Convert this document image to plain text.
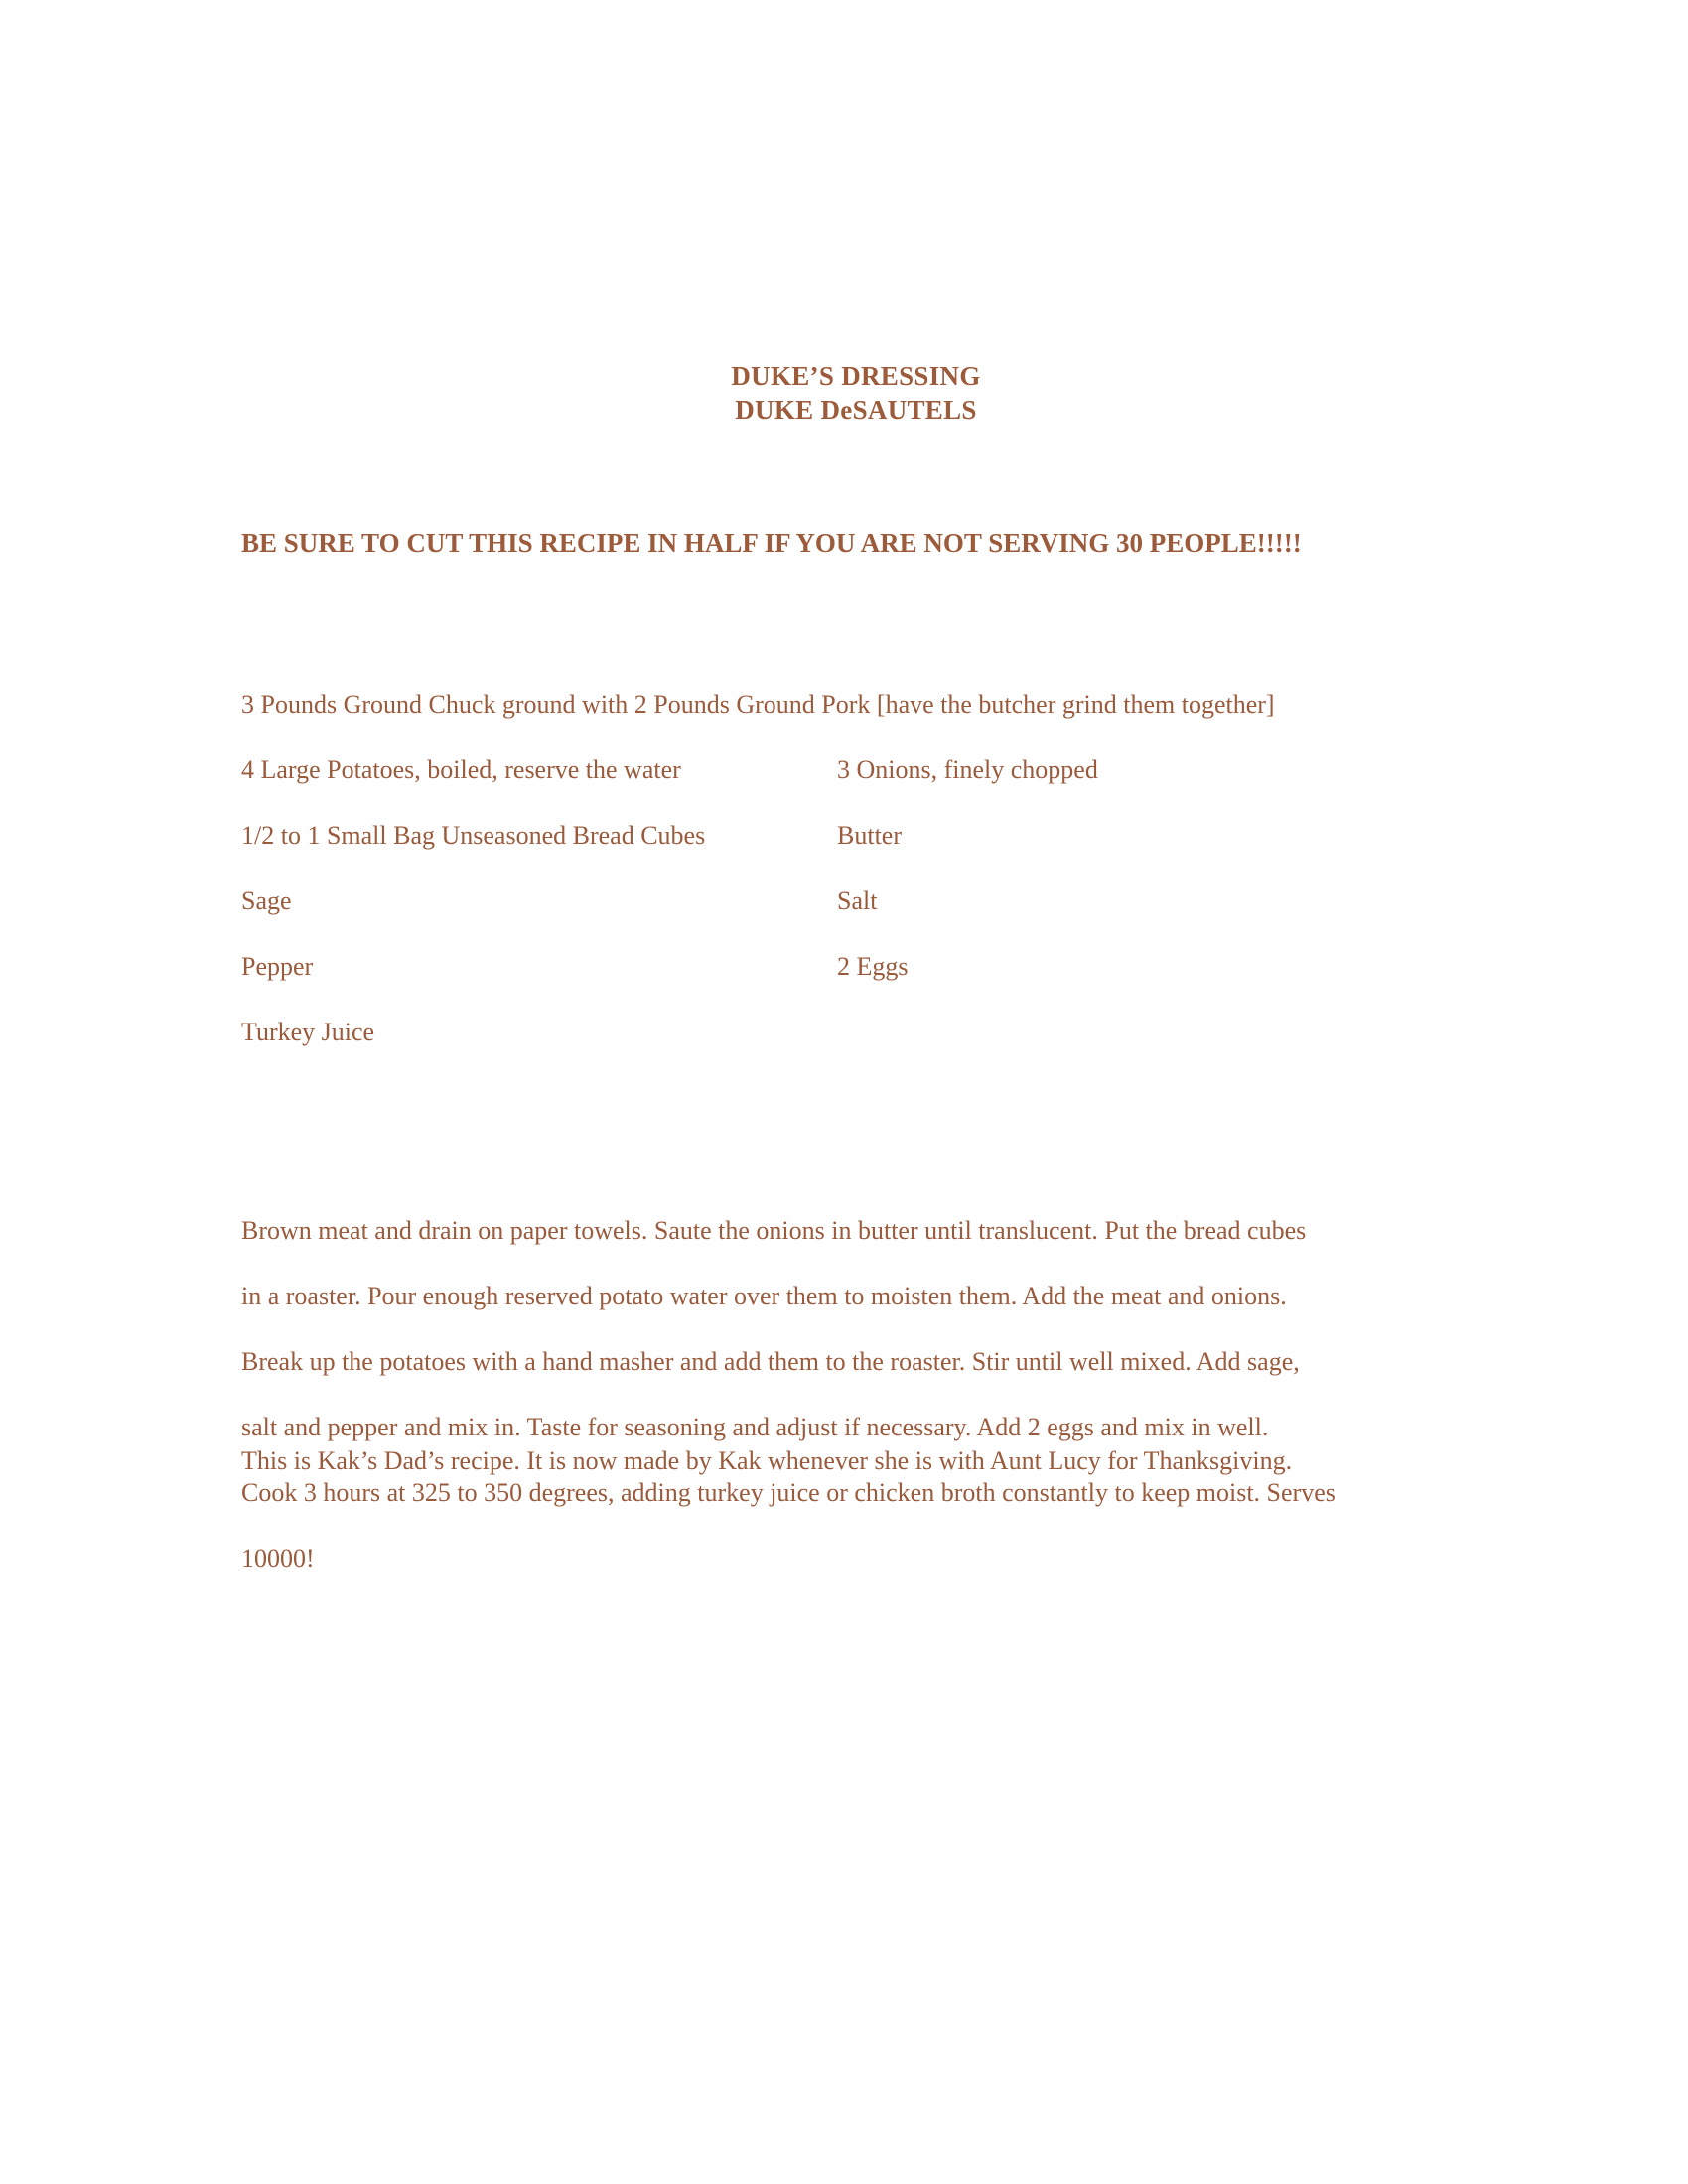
DUKE’S DRESSING
DUKE DeSAUTELS
BE SURE TO CUT THIS RECIPE IN HALF IF YOU ARE NOT SERVING 30 PEOPLE!!!!!
3 Pounds Ground Chuck ground with 2 Pounds Ground Pork [have the butcher grind them together]
4 Large Potatoes, boiled, reserve the water	3 Onions, finely chopped
1/2 to 1 Small Bag Unseasoned Bread Cubes	Butter
Sage	Salt
Pepper	2 Eggs
Turkey Juice

Brown meat and drain on paper towels. Saute the onions in butter until translucent. Put the bread cubes

in a roaster. Pour enough reserved potato water over them to moisten them. Add the meat and onions.

Break up the potatoes with a hand masher and add them to the roaster. Stir until well mixed. Add sage,

salt and pepper and mix in. Taste for seasoning and adjust if necessary. Add 2 eggs and mix in well.

Cook 3 hours at 325 to 350 degrees, adding turkey juice or chicken broth constantly to keep moist. Serves

10000!

This is Kak’s Dad’s recipe. It is now made by Kak whenever she is with Aunt Lucy for Thanksgiving.
